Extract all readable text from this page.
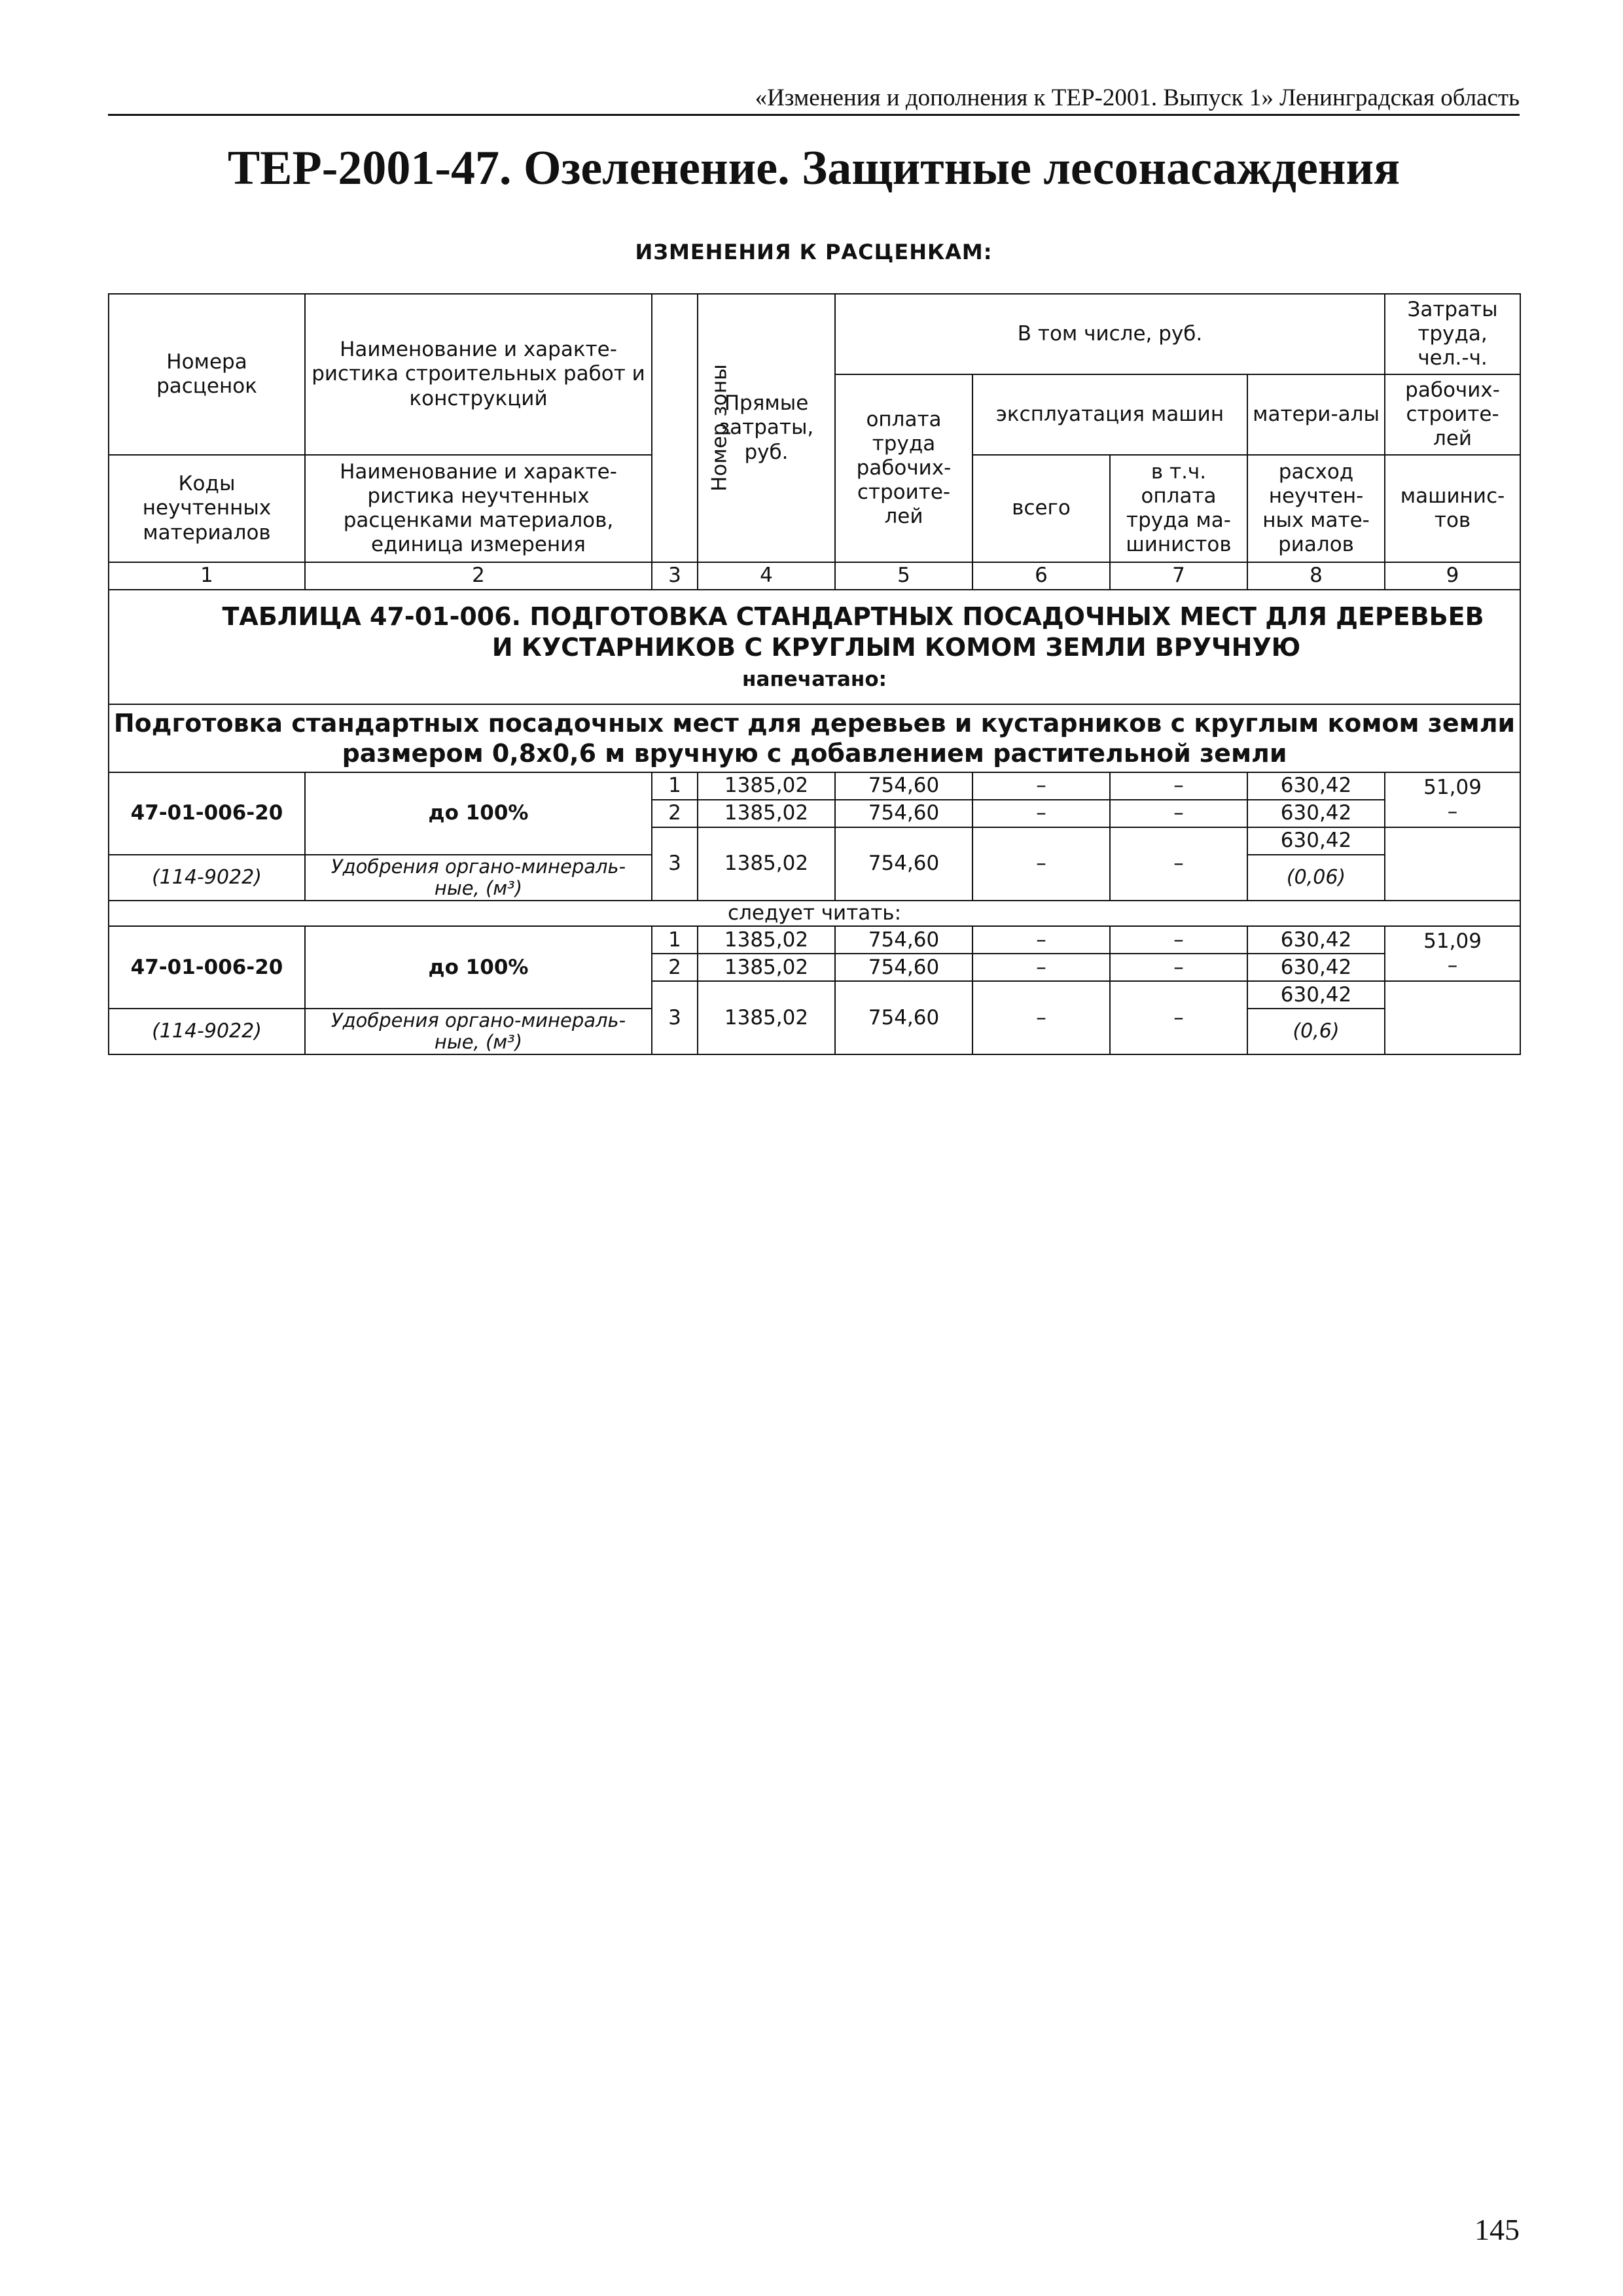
«Изменения и дополнения к ТЕР-2001. Выпуск 1» Ленинградская область
ТЕР-2001-47. Озеленение. Защитные лесонасаждения
ИЗМЕНЕНИЯ К РАСЦЕНКАМ:
Номера расценок	Наименование и характе-ристика строительных работ и конструкций	Номер зоны	Прямые затраты, руб.	В том числе, руб.				Затраты труда, чел.-ч.
				оплата труда рабочих-строите-лей	эксплуатация машин		матери-алы	рабочих-строите-лей
Коды неучтенных материалов	Наименование и характе-ристика неучтенных расценками материалов, единица измерения				всего	в т.ч. оплата труда ма-шинистов	расход неучтен-ных мате-риалов	машинис-тов
1	2	3	4	5	6	7	8	9

ТАБЛИЦА 47-01-006. ПОДГОТОВКА СТАНДАРТНЫХ ПОСАДОЧНЫХ МЕСТ ДЛЯ ДЕРЕВЬЕВ
И КУСТАРНИКОВ С КРУГЛЫМ КОМОМ ЗЕМЛИ ВРУЧНУЮ
напечатано:								

Подготовка стандартных посадочных мест для деревьев и кустарников с круглым комом земли размером 0,8х0,6 м вручную с добавлением растительной земли								
47-01-006-20	до 100%	1	1385,02	754,60	–	–	630,42	51,09
–

		2	1385,02	754,60	–	–	630,42	
		3	1385,02	754,60	–	–	630,42	
(114-9022)	Удобрения органо-минераль-ные, (м³)						(0,06)	
следует читать:								
47-01-006-20	до 100%	1	1385,02	754,60	–	–	630,42	51,09
–

		2	1385,02	754,60	–	–	630,42	
		3	1385,02	754,60	–	–	630,42	
(114-9022)	Удобрения органо-минераль-ные, (м³)						(0,6)	
145
